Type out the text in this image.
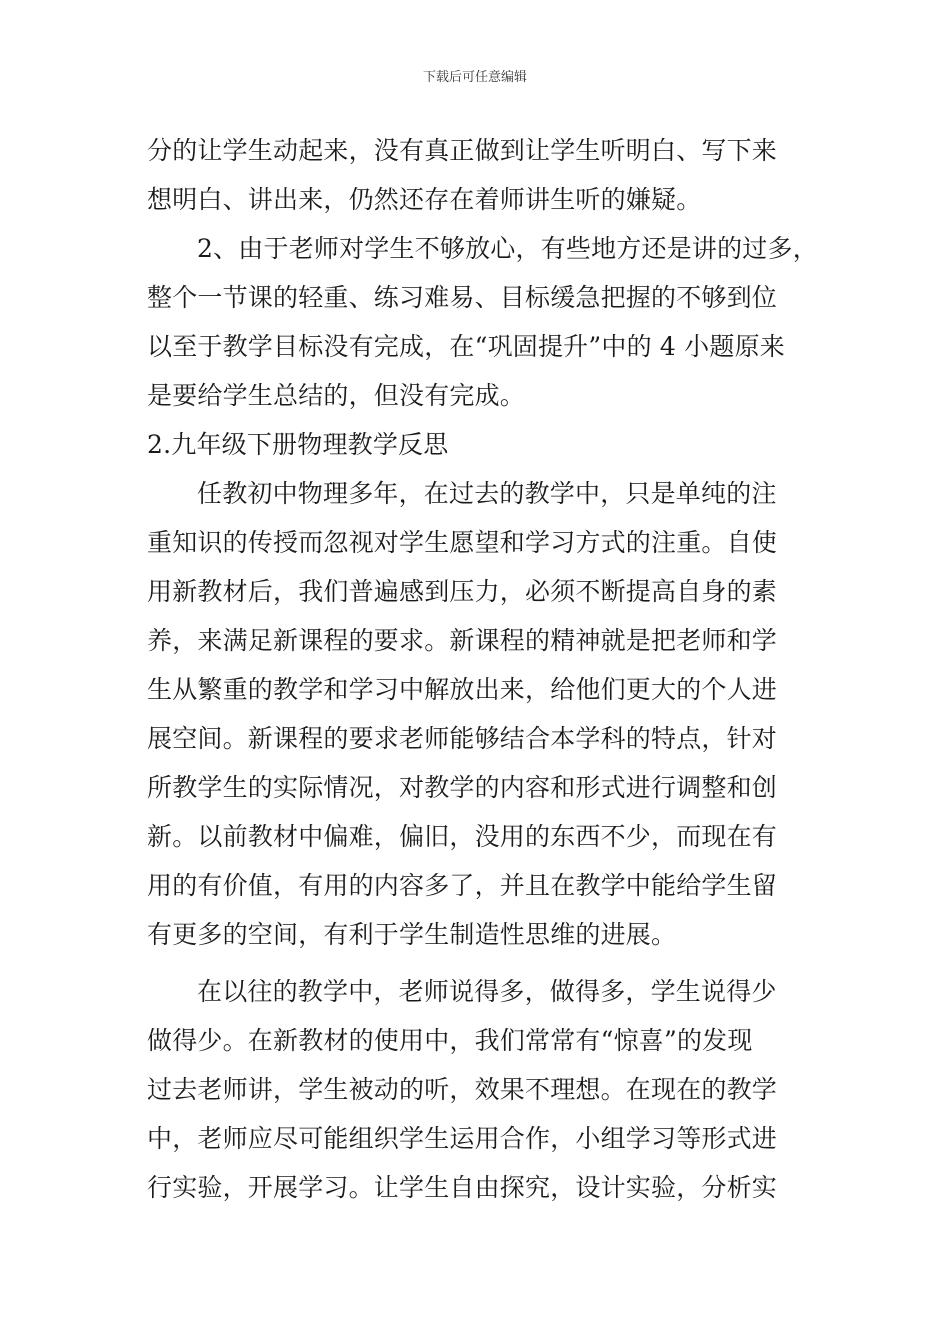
下载后可任意编辑
分的让学生动起来，没有真正做到让学生听明白、写下来
想明白、讲出来，仍然还存在着师讲生听的嫌疑。
2、由于老师对学生不够放心，有些地方还是讲的过多，
整个一节课的轻重、练习难易、目标缓急把握的不够到位
以至于教学目标没有完成，在“巩固提升”中的 4 小题原来
是要给学生总结的，但没有完成。
2.九年级下册物理教学反思
任教初中物理多年，在过去的教学中，只是单纯的注
重知识的传授而忽视对学生愿望和学习方式的注重。自使
用新教材后，我们普遍感到压力，必须不断提高自身的素
养，来满足新课程的要求。新课程的精神就是把老师和学
生从繁重的教学和学习中解放出来，给他们更大的个人进
展空间。新课程的要求老师能够结合本学科的特点，针对
所教学生的实际情况，对教学的内容和形式进行调整和创
新。以前教材中偏难，偏旧，没用的东西不少，而现在有
用的有价值，有用的内容多了，并且在教学中能给学生留
有更多的空间，有利于学生制造性思维的进展。
在以往的教学中，老师说得多，做得多，学生说得少
做得少。在新教材的使用中，我们常常有“惊喜”的发现
过去老师讲，学生被动的听，效果不理想。在现在的教学
中，老师应尽可能组织学生运用合作，小组学习等形式进
行实验，开展学习。让学生自由探究，设计实验，分析实
